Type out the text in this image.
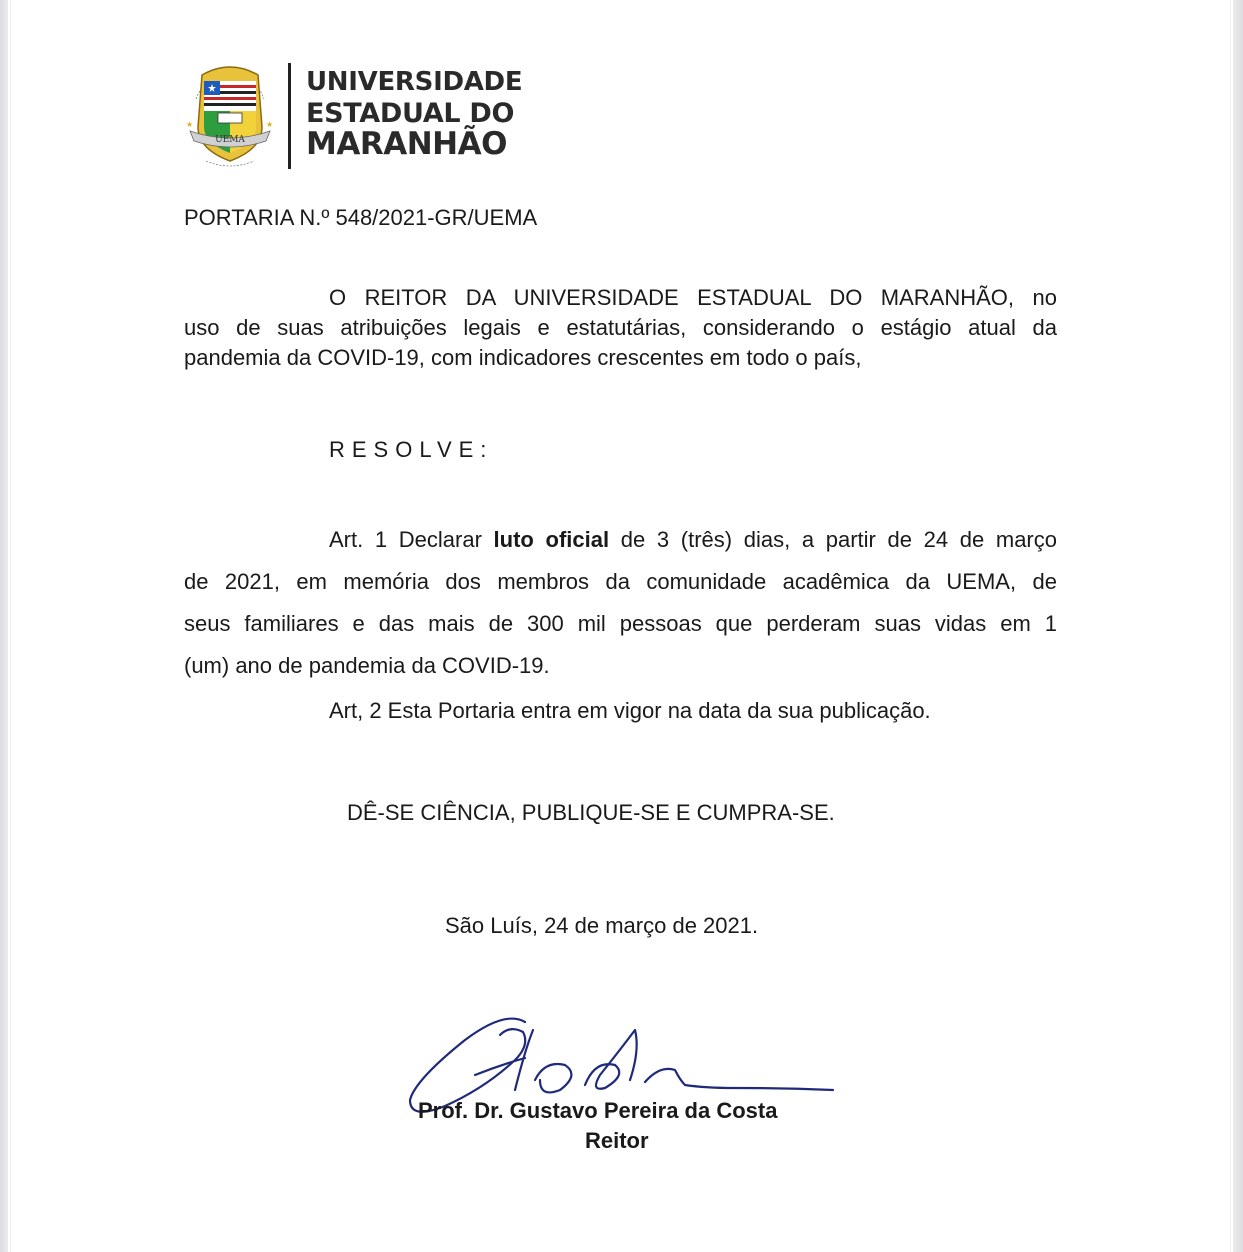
UEMA
★	★
UNIVERSIDADE
ESTADUAL DO
MARANHÃO
PORTARIA N.º 548/2021-GR/UEMA
O REITOR DA UNIVERSIDADE ESTADUAL DO MARANHÃO, no
uso de suas atribuições legais e estatutárias, considerando o estágio atual da
pandemia da COVID-19, com indicadores crescentes em todo o país,
RESOLVE:
Art. 1 Declarar luto oficial de 3 (três) dias, a partir de 24 de março
de 2021, em memória dos membros da comunidade acadêmica da UEMA, de
seus familiares e das mais de 300 mil pessoas que perderam suas vidas em 1
(um) ano de pandemia da COVID-19.
Art, 2 Esta Portaria entra em vigor na data da sua publicação.
DÊ-SE CIÊNCIA, PUBLIQUE-SE E CUMPRA-SE.
São Luís, 24 de março de 2021.
Prof. Dr. Gustavo Pereira da Costa
Reitor
